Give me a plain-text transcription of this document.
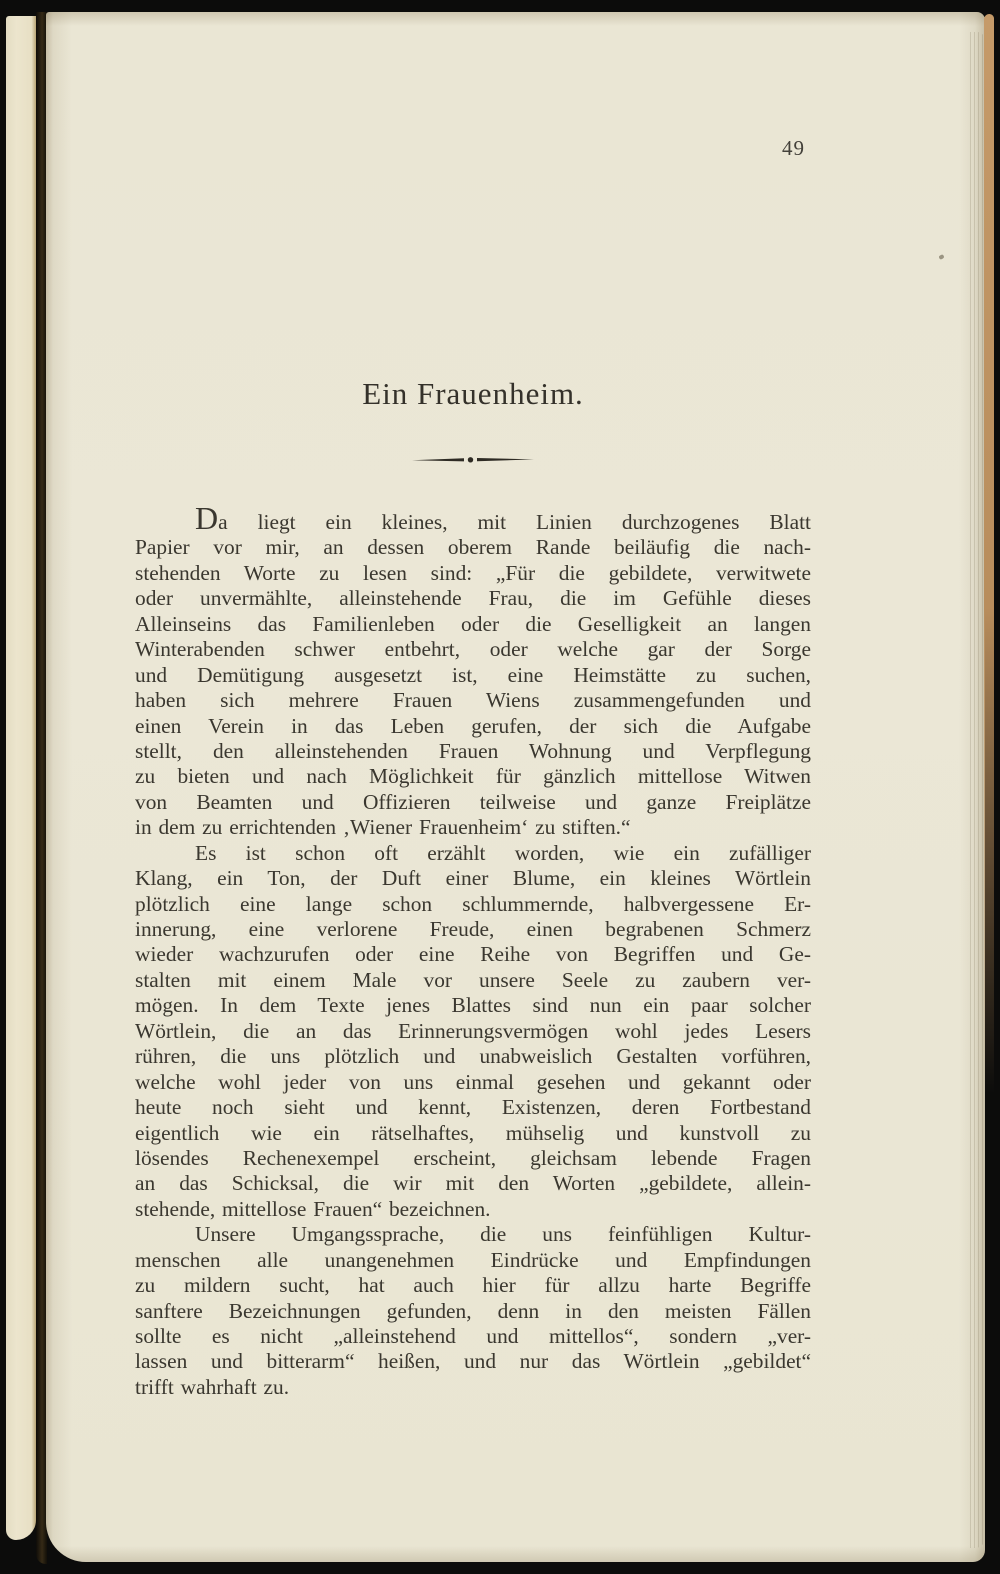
49
Ein Frauenheim.
Da liegt ein kleines, mit Linien durchzogenes Blatt
Papier vor mir, an dessen oberem Rande beiläufig die nach-
stehenden Worte zu lesen sind: „Für die gebildete, verwitwete
oder unvermählte, alleinstehende Frau, die im Gefühle dieses
Alleinseins das Familienleben oder die Geselligkeit an langen
Winterabenden schwer entbehrt, oder welche gar der Sorge
und Demütigung ausgesetzt ist, eine Heimstätte zu suchen,
haben sich mehrere Frauen Wiens zusammengefunden und
einen Verein in das Leben gerufen, der sich die Aufgabe
stellt, den alleinstehenden Frauen Wohnung und Verpflegung
zu bieten und nach Möglichkeit für gänzlich mittellose Witwen
von Beamten und Offizieren teilweise und ganze Freiplätze
in dem zu errichtenden ‚Wiener Frauenheim‘ zu stiften.“
Es ist schon oft erzählt worden, wie ein zufälliger
Klang, ein Ton, der Duft einer Blume, ein kleines Wörtlein
plötzlich eine lange schon schlummernde, halbvergessene Er-
innerung, eine verlorene Freude, einen begrabenen Schmerz
wieder wachzurufen oder eine Reihe von Begriffen und Ge-
stalten mit einem Male vor unsere Seele zu zaubern ver-
mögen. In dem Texte jenes Blattes sind nun ein paar solcher
Wörtlein, die an das Erinnerungsvermögen wohl jedes Lesers
rühren, die uns plötzlich und unabweislich Gestalten vorführen,
welche wohl jeder von uns einmal gesehen und gekannt oder
heute noch sieht und kennt, Existenzen, deren Fortbestand
eigentlich wie ein rätselhaftes, mühselig und kunstvoll zu
lösendes Rechenexempel erscheint, gleichsam lebende Fragen
an das Schicksal, die wir mit den Worten „gebildete, allein-
stehende, mittellose Frauen“ bezeichnen.
Unsere Umgangssprache, die uns feinfühligen Kultur-
menschen alle unangenehmen Eindrücke und Empfindungen
zu mildern sucht, hat auch hier für allzu harte Begriffe
sanftere Bezeichnungen gefunden, denn in den meisten Fällen
sollte es nicht „alleinstehend und mittellos“, sondern „ver-
lassen und bitterarm“ heißen, und nur das Wörtlein „gebildet“
trifft wahrhaft zu.
